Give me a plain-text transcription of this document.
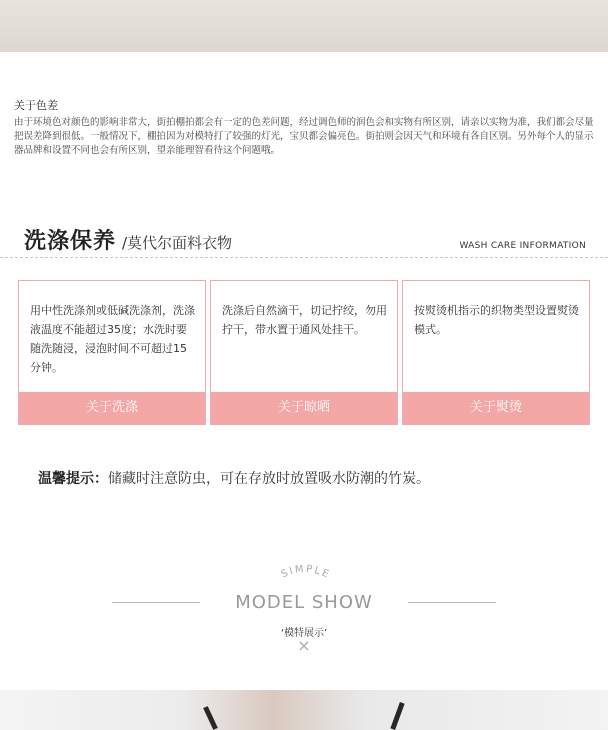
关于色差
由于环境色对颜色的影响非常大，街拍棚拍都会有一定的色差问题，经过调色师的润色会和实物有所区别，请亲以实物为准，我们都会尽量把误差降到很低。一般情况下，棚拍因为对模特打了较强的灯光，宝贝都会偏亮色。街拍则会因天气和环境有各自区别。另外每个人的显示器品牌和设置不同也会有所区别，望亲能理智看待这个问题哦。
洗涤保养 /莫代尔面料衣物	WASH CARE INFORMATION
用中性洗涤剂或低碱洗涤剂，洗涤液温度不能超过35度；水洗时要随洗随浸，浸泡时间不可超过15分钟。
关于洗涤
洗涤后自然滴干，切记拧绞，勿用拧干，带水置于通风处挂干。
关于晾晒
按熨烫机指示的织物类型设置熨烫模式。
关于熨烫
温馨提示：储藏时注意防虫，可在存放时放置吸水防潮的竹炭。
SIMPLE
MODEL SHOW
‘模特展示’
×
